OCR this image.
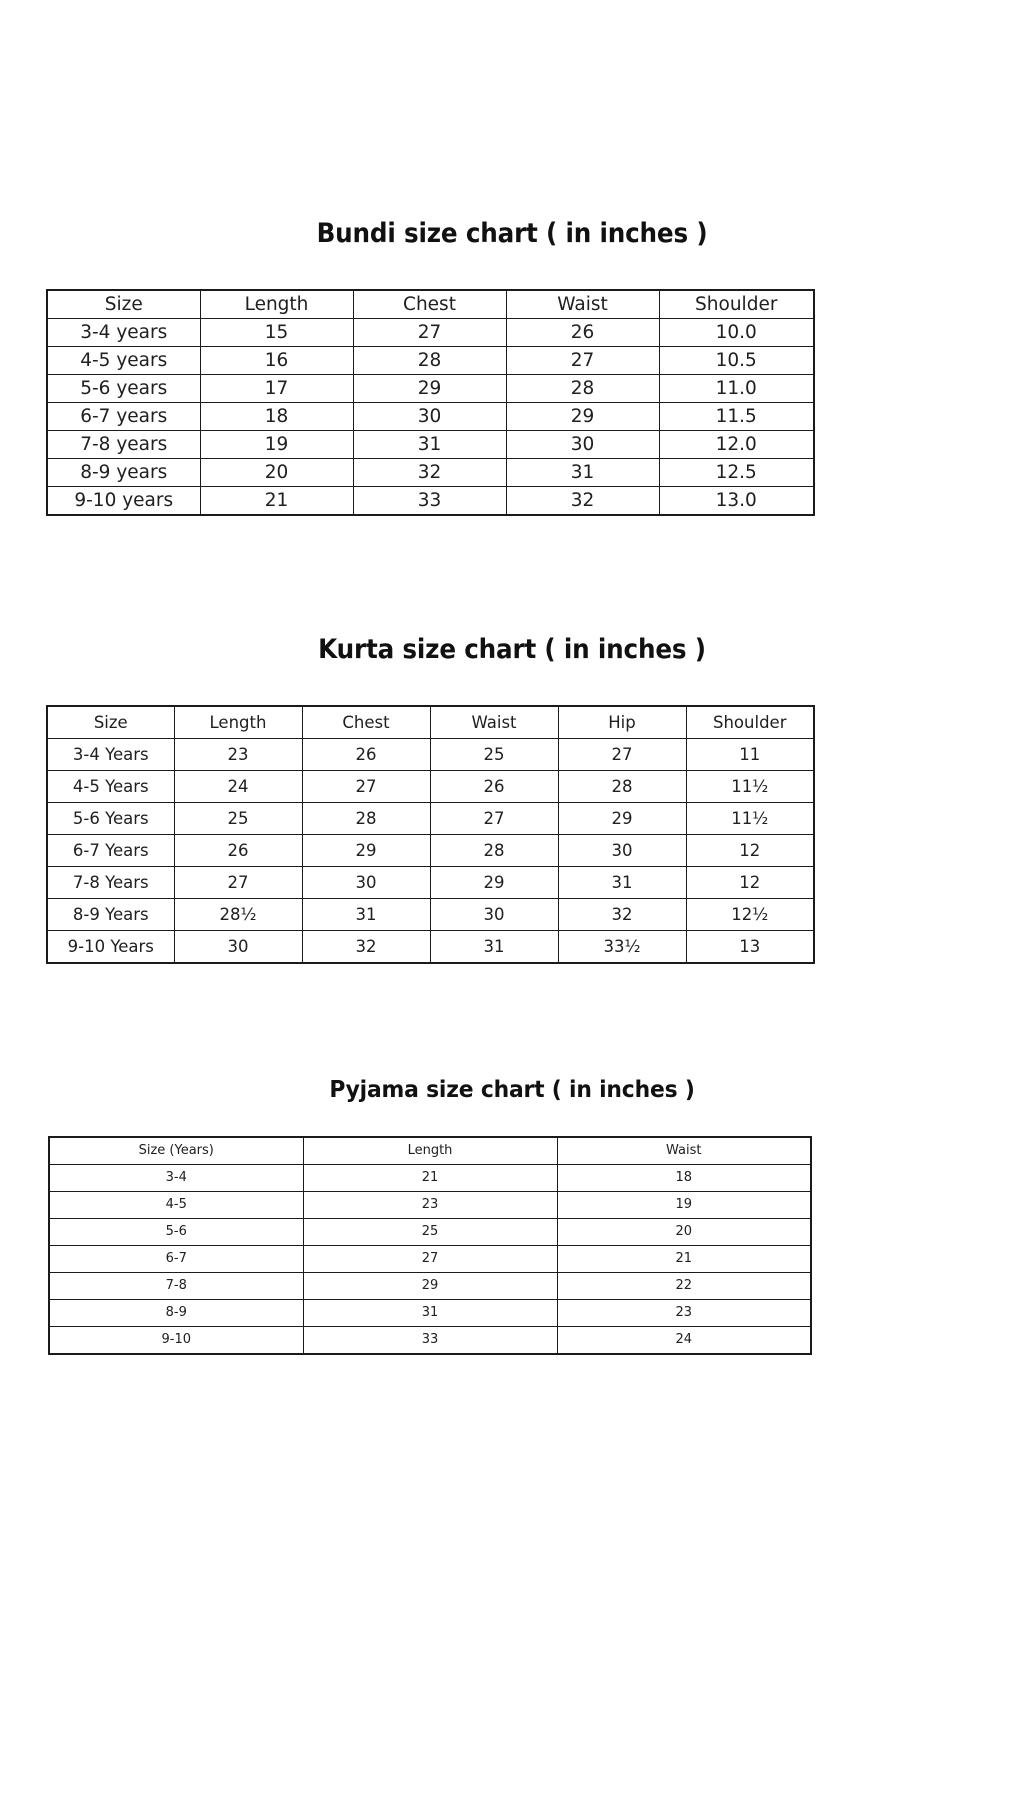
Bundi size chart ( in inches )
Size	Length	Chest	Waist	Shoulder
3-4 years	15	27	26	10.0
4-5 years	16	28	27	10.5
5-6 years	17	29	28	11.0
6-7 years	18	30	29	11.5
7-8 years	19	31	30	12.0
8-9 years	20	32	31	12.5
9-10 years	21	33	32	13.0
Kurta size chart ( in inches )
Size	Length	Chest	Waist	Hip	Shoulder
3-4 Years	23	26	25	27	11
4-5 Years	24	27	26	28	11½
5-6 Years	25	28	27	29	11½
6-7 Years	26	29	28	30	12
7-8 Years	27	30	29	31	12
8-9 Years	28½	31	30	32	12½
9-10 Years	30	32	31	33½	13
Pyjama size chart ( in inches )
Size (Years)	Length	Waist
3-4	21	18
4-5	23	19
5-6	25	20
6-7	27	21
7-8	29	22
8-9	31	23
9-10	33	24
